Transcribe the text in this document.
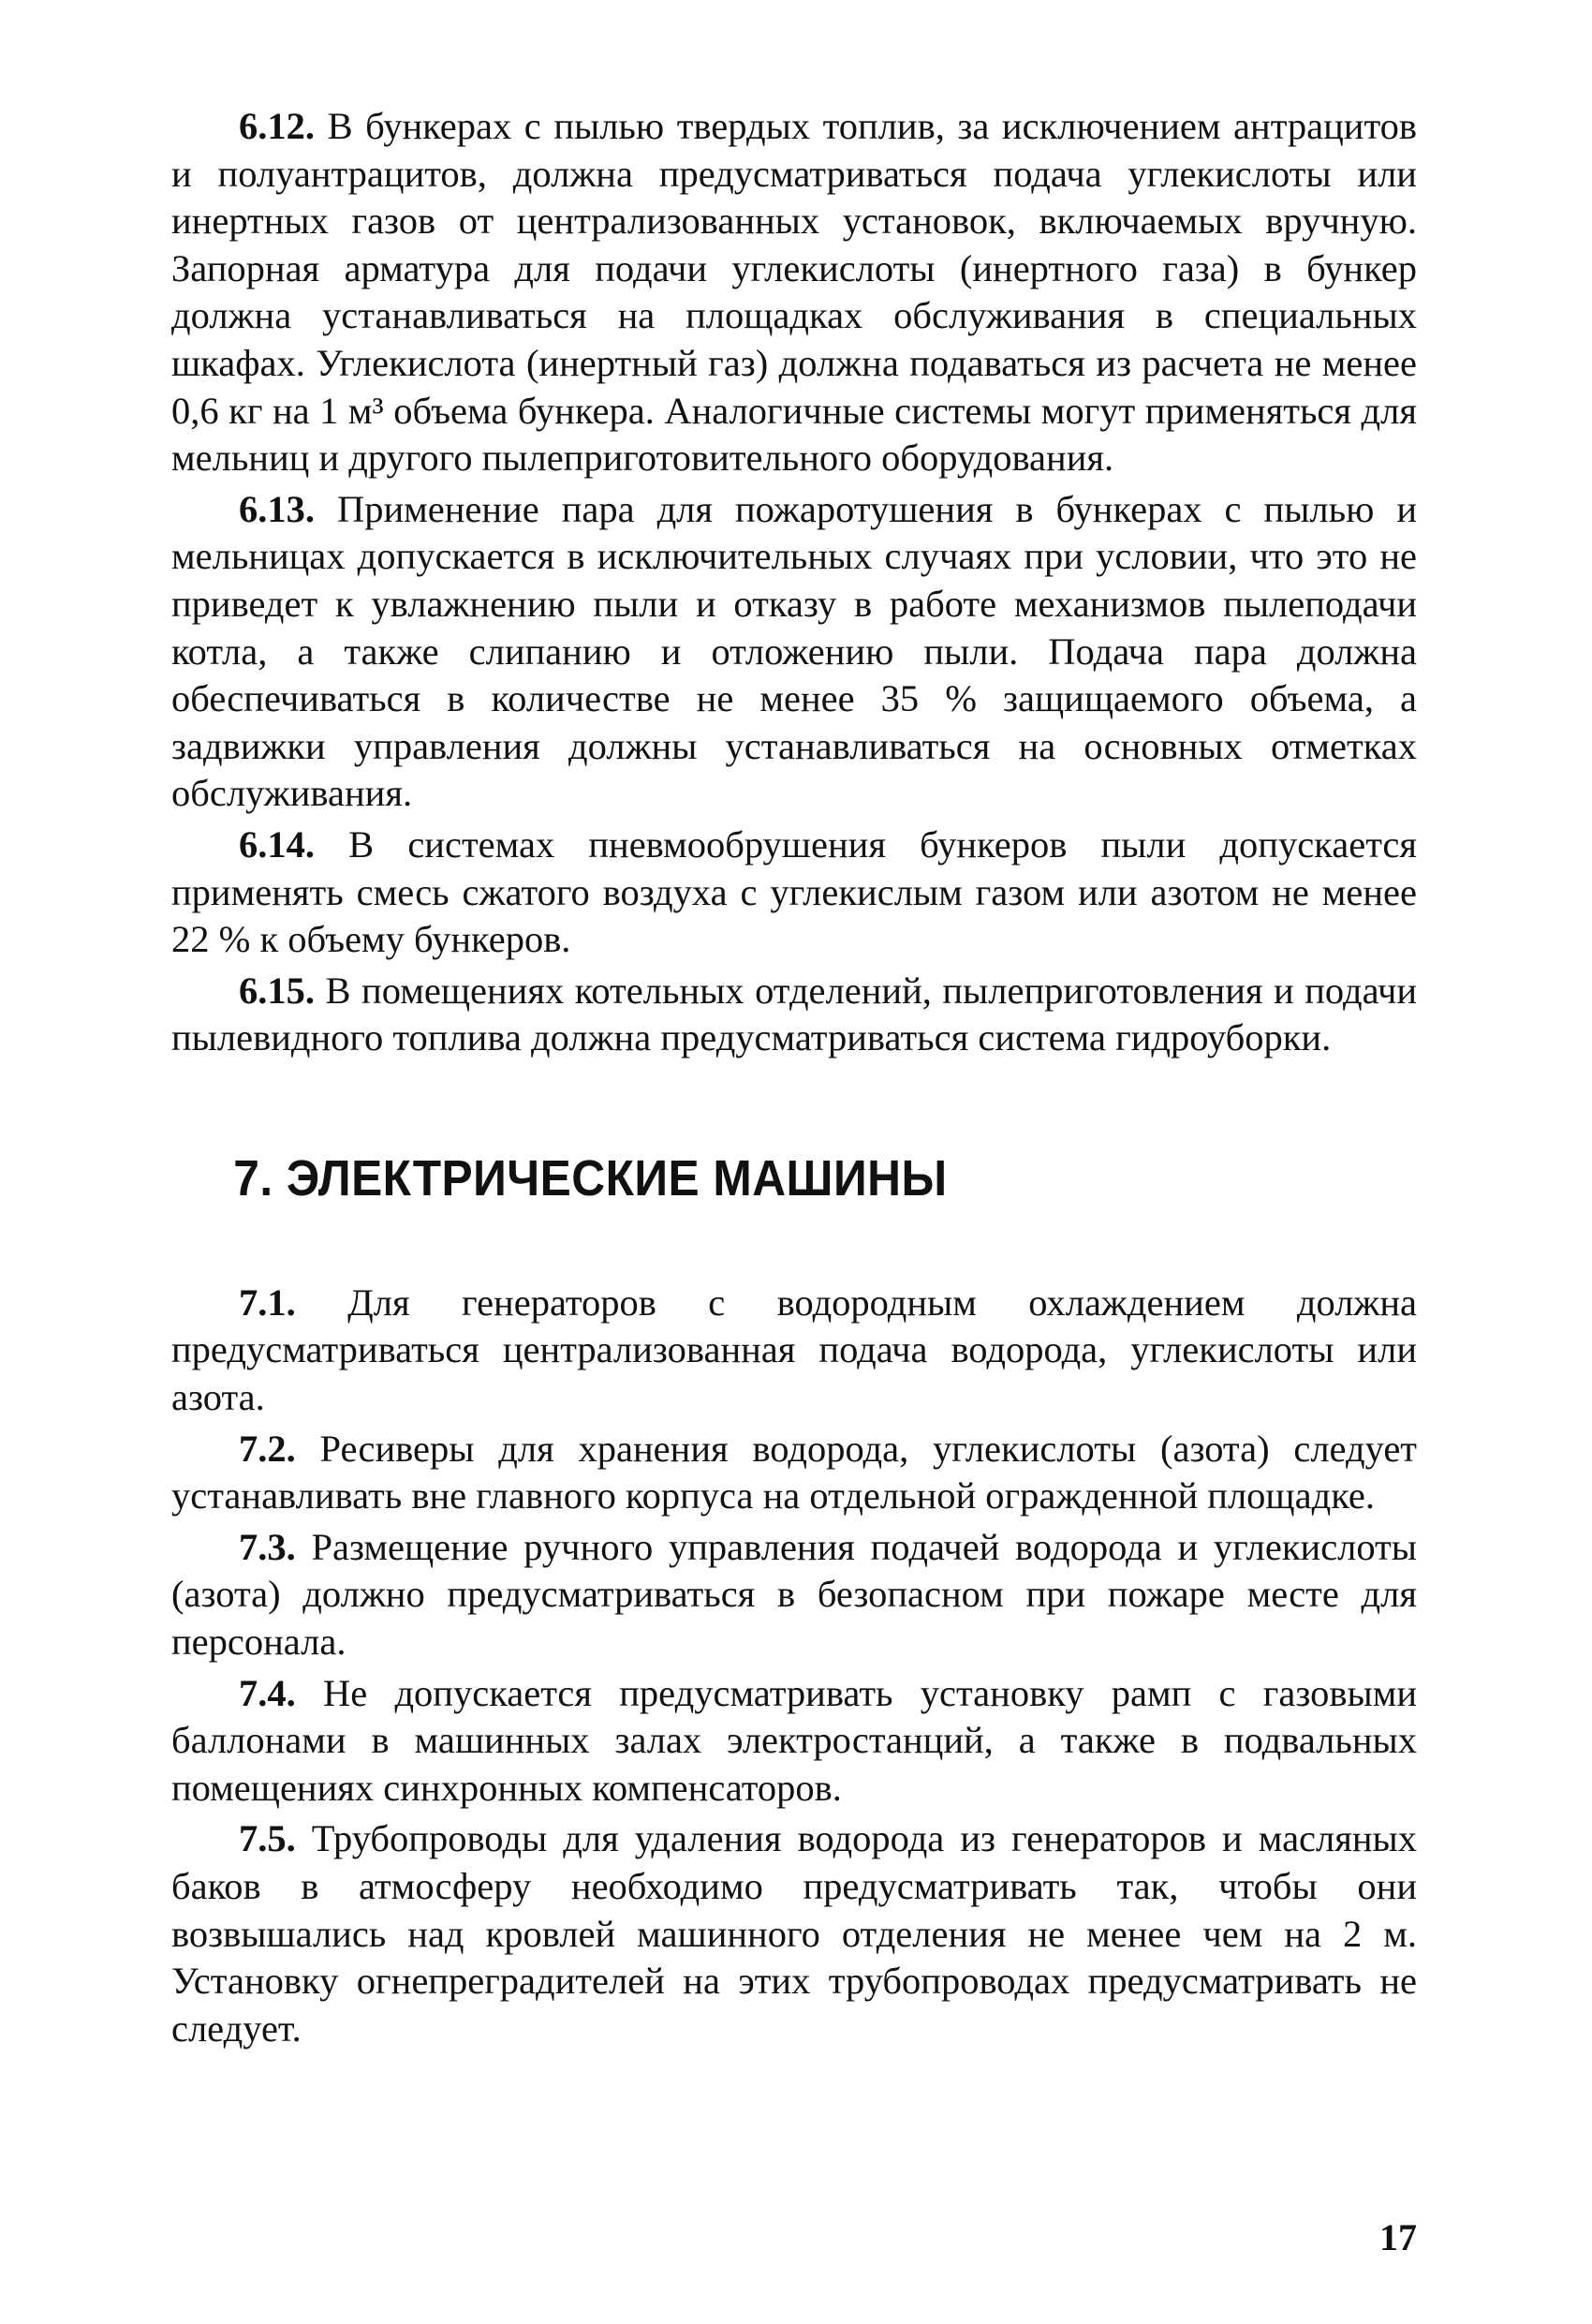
6.12. В бункерах с пылью твердых топлив, за исключением антрацитов и полуантрацитов, должна предусматриваться подача углекислоты или инертных газов от централизованных установок, включаемых вручную. Запорная арматура для подачи углекислоты (инертного газа) в бункер должна устанавливаться на площадках обслуживания в специальных шкафах. Углекислота (инертный газ) должна подаваться из расчета не менее 0,6 кг на 1 м³ объема бункера. Аналогичные системы могут применяться для мельниц и другого пылеприготовительного оборудования.

6.13. Применение пара для пожаротушения в бункерах с пылью и мельницах допускается в исключительных случаях при условии, что это не приведет к увлажнению пыли и отказу в работе механизмов пылеподачи котла, а также слипанию и отложению пыли. Подача пара должна обеспечиваться в количестве не менее 35 % защищаемого объема, а задвижки управления должны устанавливаться на основных отметках обслуживания.

6.14. В системах пневмообрушения бункеров пыли допускается применять смесь сжатого воздуха с углекислым газом или азотом не менее 22 % к объему бункеров.

6.15. В помещениях котельных отделений, пылеприготовления и подачи пылевидного топлива должна предусматриваться система гидроуборки.

7. ЭЛЕКТРИЧЕСКИЕ МАШИНЫ

7.1. Для генераторов с водородным охлаждением должна предусматриваться централизованная подача водорода, углекислоты или азота.

7.2. Ресиверы для хранения водорода, углекислоты (азота) следует устанавливать вне главного корпуса на отдельной огражденной площадке.

7.3. Размещение ручного управления подачей водорода и углекислоты (азота) должно предусматриваться в безопасном при пожаре месте для персонала.

7.4. Не допускается предусматривать установку рамп с газовыми баллонами в машинных залах электростанций, а также в подвальных помещениях синхронных компенсаторов.

7.5. Трубопроводы для удаления водорода из генераторов и масляных баков в атмосферу необходимо предусматривать так, чтобы они возвышались над кровлей машинного отделения не менее чем на 2 м. Установку огнепреградителей на этих трубопроводах предусматривать не следует.

17
